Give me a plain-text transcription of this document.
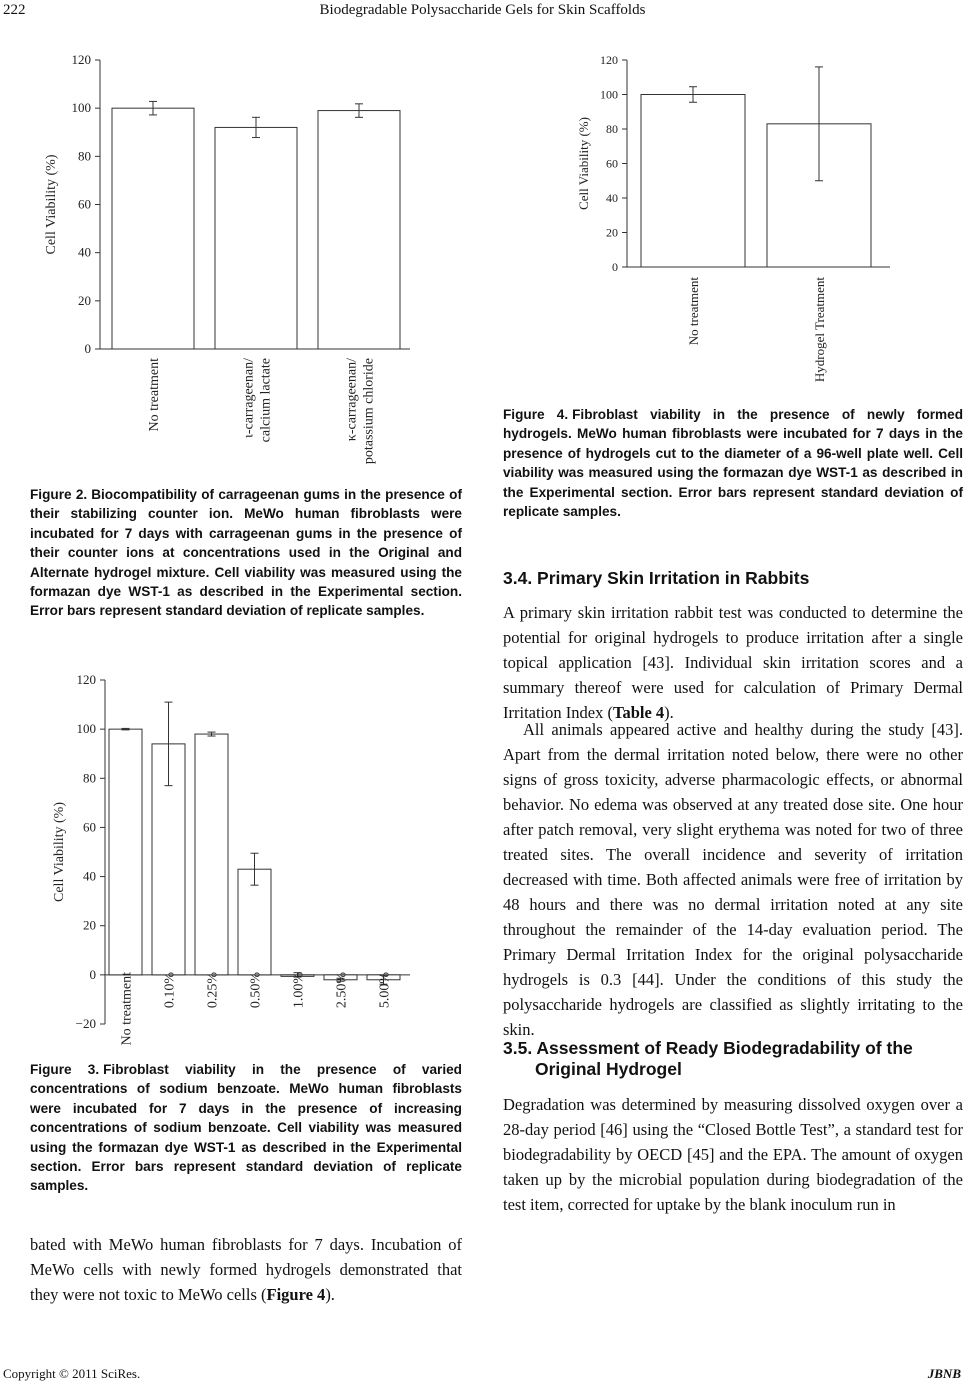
222	Biodegradable Polysaccharide Gels for Skin Scaffolds
0
20
40
60
80
100
120
Cell Viability (%)
No treatment	ι-carrageenan/ calcium lactate	κ-carrageenan/ potassium chloride
Figure 2. Biocompatibility of carrageenan gums in the presence of their stabilizing counter ion. MeWo human fibroblasts were incubated for 7 days with carrageenan gums in the presence of their counter ions at concentrations used in the Original and Alternate hydrogel mixture. Cell viability was measured using the formazan dye WST-1 as described in the Experimental section. Error bars represent standard deviation of replicate samples.
−20
0
20
40
60
80
100
120
Cell Viability (%)
No treatment 0.10% 0.25% 0.50% 1.00% 2.50% 5.00%
Figure 3. Fibroblast viability in the presence of varied concentrations of sodium benzoate. MeWo human fibroblasts were incubated for 7 days in the presence of increasing concentrations of sodium benzoate. Cell viability was measured using the formazan dye WST-1 as described in the Experimental section. Error bars represent standard deviation of replicate samples.

bated with MeWo human fibroblasts for 7 days. Incubation of MeWo cells with newly formed hydrogels demonstrated that they were not toxic to MeWo cells (Figure 4).

0
20
40
60
80
100
120
Cell Viability (%)
No treatment	Hydrogel Treatment
Figure 4. Fibroblast viability in the presence of newly formed hydrogels. MeWo human fibroblasts were incubated for 7 days in the presence of hydrogels cut to the diameter of a 96-well plate well. Cell viability was measured using the formazan dye WST-1 as described in the Experimental section. Error bars represent standard deviation of replicate samples.
3.4. Primary Skin Irritation in Rabbits

A primary skin irritation rabbit test was conducted to determine the potential for original hydrogels to produce irritation after a single topical application [43]. Individual skin irritation scores and a summary thereof were used for calculation of Primary Dermal Irritation Index (Table 4).

All animals appeared active and healthy during the study [43]. Apart from the dermal irritation noted below, there were no other signs of gross toxicity, adverse pharmacologic effects, or abnormal behavior. No edema was observed at any treated dose site. One hour after patch removal, very slight erythema was noted for two of three treated sites. The overall incidence and severity of irritation decreased with time. Both affected animals were free of irritation by 48 hours and there was no dermal irritation noted at any site throughout the remainder of the 14-day evaluation period. The Primary Dermal Irritation Index for the original polysaccharide hydrogels is 0.3 [44]. Under the conditions of this study the polysaccharide hydrogels are classified as slightly irritating to the skin.

3.5. Assessment of Ready Biodegradability of the
Original Hydrogel

Degradation was determined by measuring dissolved oxygen over a 28-day period [46] using the “Closed Bottle Test”, a standard test for biodegradability by OECD [45] and the EPA. The amount of oxygen taken up by the microbial population during biodegradation of the test item, corrected for uptake by the blank inoculum run in

Copyright © 2011 SciRes.	JBNB
